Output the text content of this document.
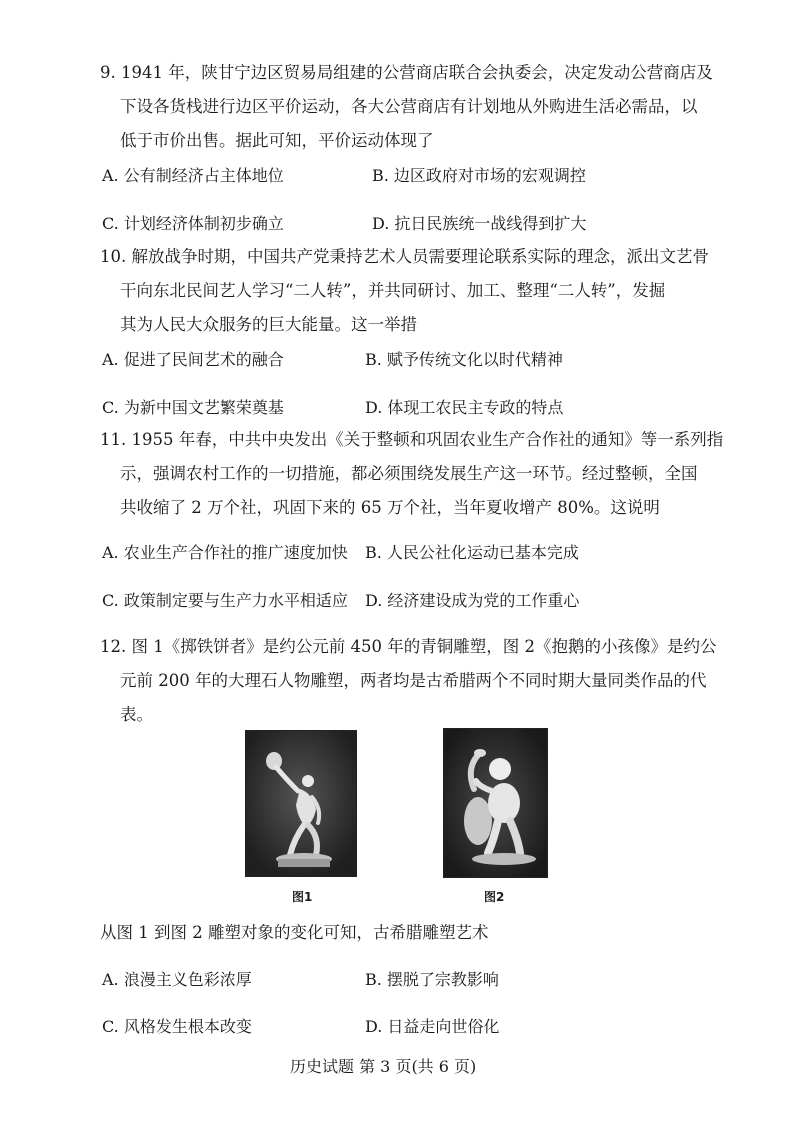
9. 1941 年，陕甘宁边区贸易局组建的公营商店联合会执委会，决定发动公营商店及
下设各货栈进行边区平价运动，各大公营商店有计划地从外购进生活必需品，以
低于市价出售。据此可知，平价运动体现了
A. 公有制经济占主体地位	B. 边区政府对市场的宏观调控
C. 计划经济体制初步确立	D. 抗日民族统一战线得到扩大
10. 解放战争时期，中国共产党秉持艺术人员需要理论联系实际的理念，派出文艺骨
干向东北民间艺人学习“二人转”，并共同研讨、加工、整理“二人转”，发掘
其为人民大众服务的巨大能量。这一举措
A. 促进了民间艺术的融合	B. 赋予传统文化以时代精神
C. 为新中国文艺繁荣奠基	D. 体现工农民主专政的特点
11. 1955 年春，中共中央发出《关于整顿和巩固农业生产合作社的通知》等一系列指
示，强调农村工作的一切措施，都必须围绕发展生产这一环节。经过整顿，全国
共收缩了 2 万个社，巩固下来的 65 万个社，当年夏收增产 80%。这说明
A. 农业生产合作社的推广速度加快 B. 人民公社化运动已基本完成
C. 政策制定要与生产力水平相适应 D. 经济建设成为党的工作重心
12. 图 1《掷铁饼者》是约公元前 450 年的青铜雕塑，图 2《抱鹅的小孩像》是约公
元前 200 年的大理石人物雕塑，两者均是古希腊两个不同时期大量同类作品的代
表。
图1	图2
从图 1 到图 2 雕塑对象的变化可知，古希腊雕塑艺术
A. 浪漫主义色彩浓厚	B. 摆脱了宗教影响
C. 风格发生根本改变	D. 日益走向世俗化
历史试题 第 3 页(共 6 页)
